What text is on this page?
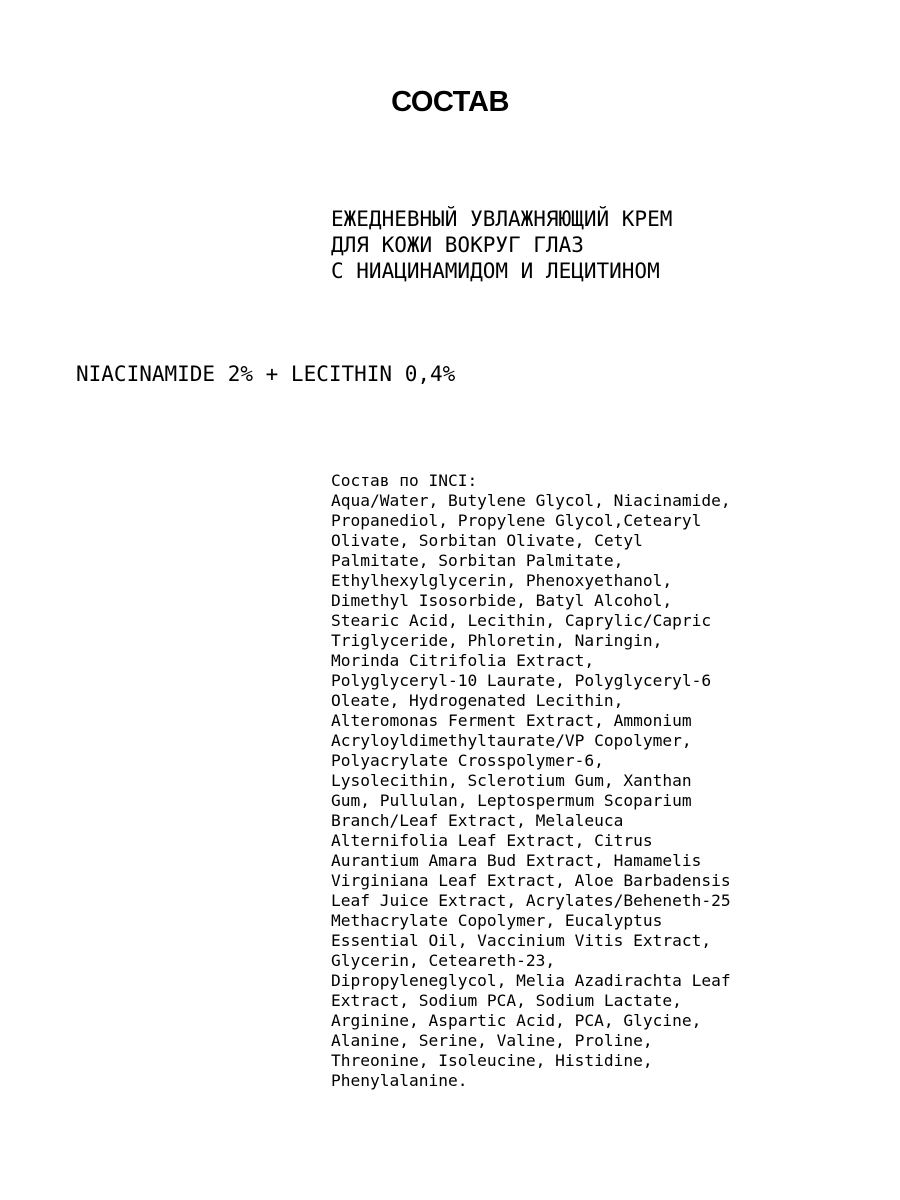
СОСТАВ
ЕЖЕДНЕВНЫЙ УВЛАЖНЯЮЩИЙ КРЕМ
ДЛЯ КОЖИ ВОКРУГ ГЛАЗ
С НИАЦИНАМИДОМ И ЛЕЦИТИНОМ
NIACINAMIDE 2% + LECITHIN 0,4%
Состав по INCI:
Aqua/Water, Butylene Glycol, Niacinamide,
Propanediol, Propylene Glycol,Cetearyl
Olivate, Sorbitan Olivate, Cetyl
Palmitate, Sorbitan Palmitate,
Ethylhexylglycerin, Phenoxyethanol,
Dimethyl Isosorbide, Batyl Alcohol,
Stearic Acid, Lecithin, Caprylic/Capric
Triglyceride, Phloretin, Naringin,
Morinda Citrifolia Extract,
Polyglyceryl-10 Laurate, Polyglyceryl-6
Oleate, Hydrogenated Lecithin,
Alteromonas Ferment Extract, Ammonium
Acryloyldimethyltaurate/VP Copolymer,
Polyacrylate Crosspolymer-6,
Lysolecithin, Sclerotium Gum, Xanthan
Gum, Pullulan, Leptospermum Scoparium
Branch/Leaf Extract, Melaleuca
Alternifolia Leaf Extract, Citrus
Aurantium Amara Bud Extract, Hamamelis
Virginiana Leaf Extract, Aloe Barbadensis
Leaf Juice Extract, Acrylates/Beheneth-25
Methacrylate Copolymer, Eucalyptus
Essential Oil, Vaccinium Vitis Extract,
Glycerin, Ceteareth-23,
Dipropyleneglycol, Melia Azadirachta Leaf
Extract, Sodium PCA, Sodium Lactate,
Arginine, Aspartic Acid, PCA, Glycine,
Alanine, Serine, Valine, Proline,
Threonine, Isoleucine, Histidine,
Phenylalanine.
